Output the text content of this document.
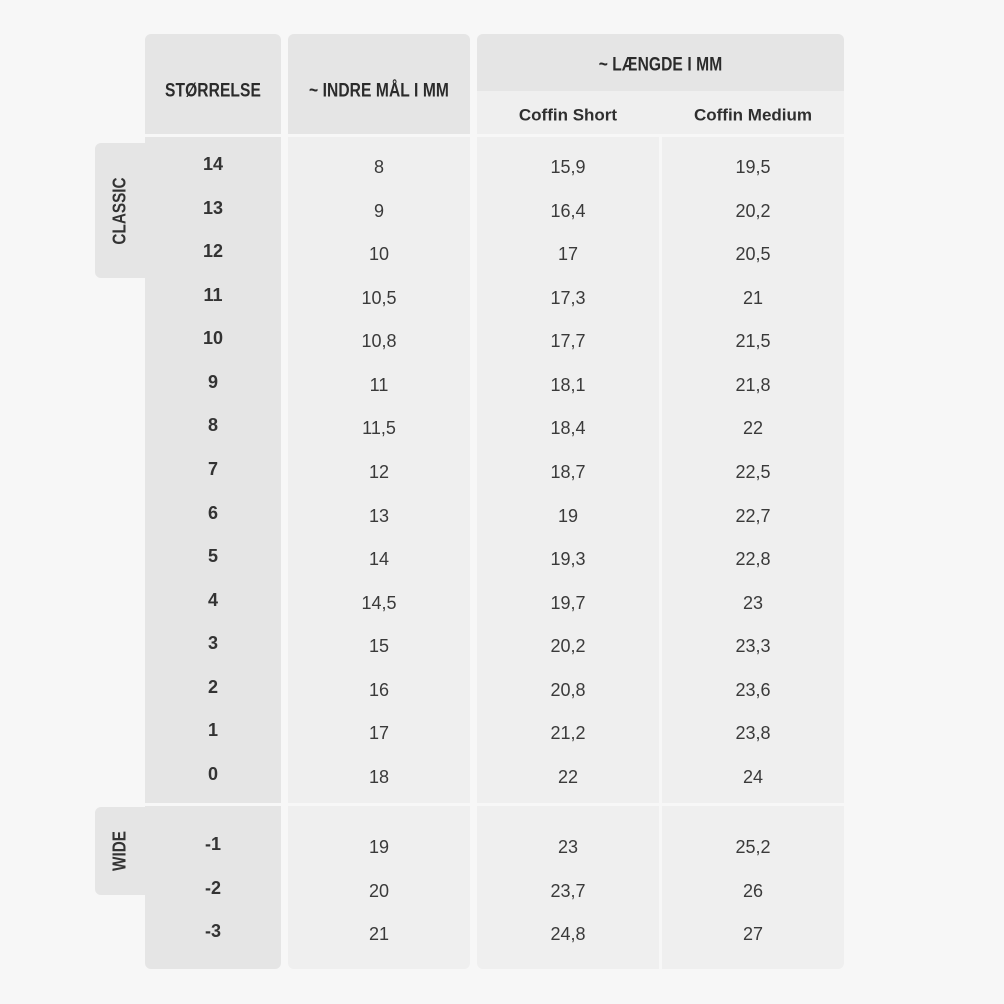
CLASSIC
WIDE
STØRRELSE	~ INDRE MÅL I MM
~ LÆNGDE I MM
Coffin Short	Coffin Medium
14	8	15,9	19,5
13	9	16,4	20,2
12	10	17	20,5
11	10,5	17,3	21
10	10,8	17,7	21,5
9	11	18,1	21,8
8	11,5	18,4	22
7	12	18,7	22,5
6	13	19	22,7
5	14	19,3	22,8
4	14,5	19,7	23
3	15	20,2	23,3
2	16	20,8	23,6
1	17	21,2	23,8
0	18	22	24
-1	19	23	25,2
-2	20	23,7	26
-3	21	24,8	27
